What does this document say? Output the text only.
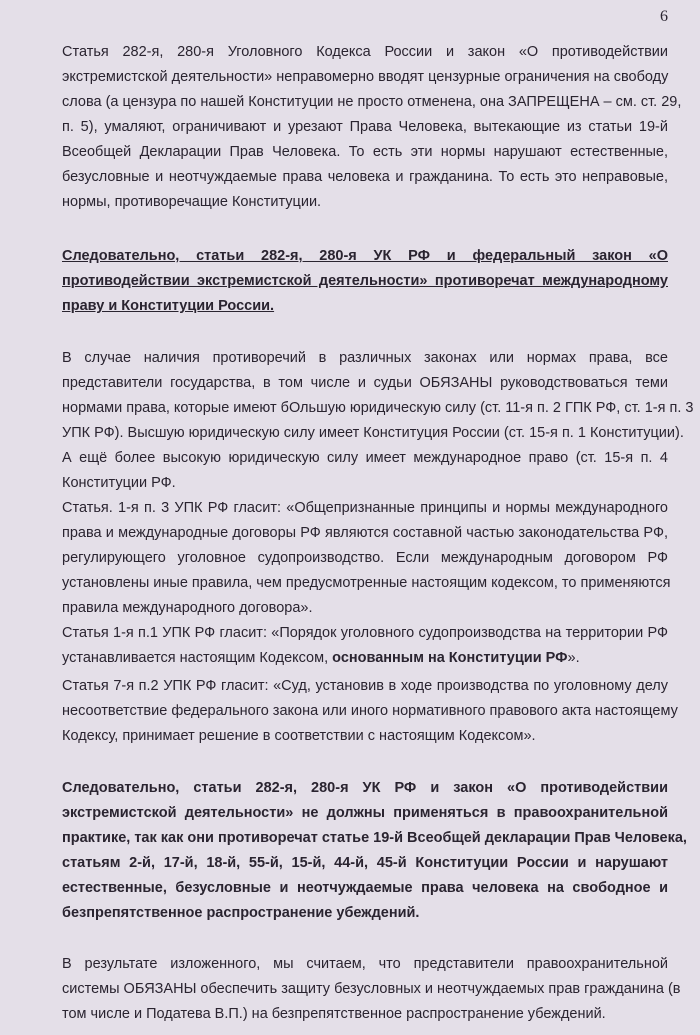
6
Статья 282-я, 280-я Уголовного Кодекса России и закон «О противодействии
экстремистской деятельности» неправомерно вводят цензурные ограничения на свободу
слова (а цензура по нашей Конституции не просто отменена, она ЗАПРЕЩЕНА – см. ст. 29,
п. 5), умаляют, ограничивают и урезают Права Человека, вытекающие из статьи 19-й
Всеобщей Декларации Прав Человека. То есть эти нормы нарушают естественные,
безусловные и неотчуждаемые права человека и гражданина. То есть это неправовые,
нормы, противоречащие Конституции.
Следовательно, статьи 282-я, 280-я УК РФ и федеральный закон «О
противодействии экстремистской деятельности» противоречат международному
праву и Конституции России.
В случае наличия противоречий в различных законах или нормах права, все
представители государства, в том числе и судьи ОБЯЗАНЫ руководствоваться теми
нормами права, которые имеют бОльшую юридическую силу (ст. 11-я п. 2 ГПК РФ, ст. 1-я п. 3
УПК РФ). Высшую юридическую силу имеет Конституция России (ст. 15-я п. 1 Конституции).
А ещё более высокую юридическую силу имеет международное право (ст. 15-я п. 4
Конституции РФ.
Статья. 1-я п. 3 УПК РФ гласит: «Общепризнанные принципы и нормы международного
права и международные договоры РФ являются составной частью законодательства РФ,
регулирующего уголовное судопроизводство. Если международным договором РФ
установлены иные правила, чем предусмотренные настоящим кодексом, то применяются
правила международного договора».
Статья 1-я п.1 УПК РФ гласит: «Порядок уголовного судопроизводства на территории РФ
устанавливается настоящим Кодексом, основанным на Конституции РФ».
Статья 7-я п.2 УПК РФ гласит: «Суд, установив в ходе производства по уголовному делу
несоответствие федерального закона или иного нормативного правового акта настоящему
Кодексу, принимает решение в соответствии с настоящим Кодексом».
Следовательно, статьи 282-я, 280-я УК РФ и закон «О противодействии
экстремистской деятельности» не должны применяться в правоохранительной
практике, так как они противоречат статье 19-й Всеобщей декларации Прав Человека,
статьям 2-й, 17-й, 18-й, 55-й, 15-й, 44-й, 45-й Конституции России и нарушают
естественные, безусловные и неотчуждаемые права человека на свободное и
безпрепятственное распространение убеждений.
В результате изложенного, мы считаем, что представители правоохранительной
системы ОБЯЗАНЫ обеспечить защиту безусловных и неотчуждаемых прав гражданина (в
том числе и Податева В.П.) на безпрепятственное распространение убеждений.
